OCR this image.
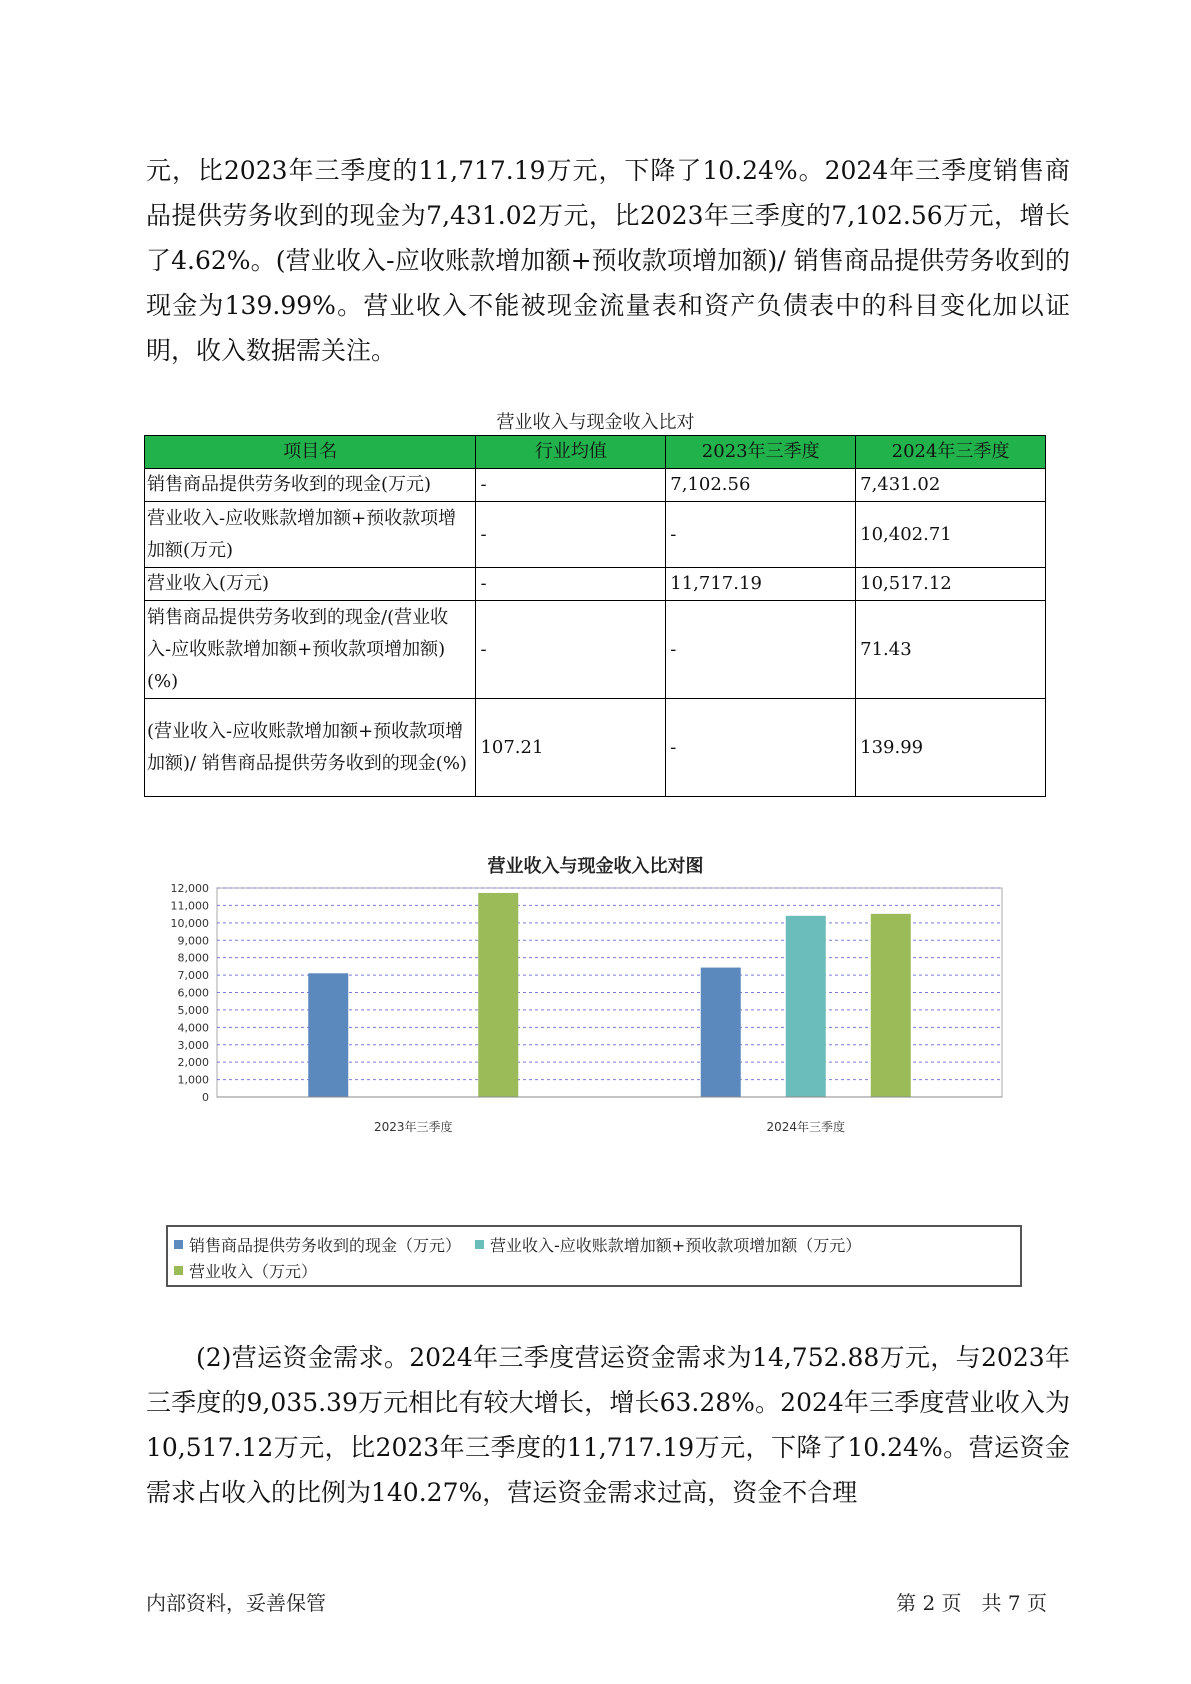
元，比2023年三季度的11,717.19万元，下降了10.24%。2024年三季度销售商品提供劳务收到的现金为7,431.02万元，比2023年三季度的7,102.56万元，增长了4.62%。(营业收入-应收账款增加额+预收款项增加额)/ 销售商品提供劳务收到的现金为139.99%。营业收入不能被现金流量表和资产负债表中的科目变化加以证明，收入数据需关注。

营业收入与现金收入比对
项目名	行业均值	2023年三季度	2024年三季度
销售商品提供劳务收到的现金(万元)	-	7,102.56	7,431.02
营业收入-应收账款增加额+预收款项增加额(万元)	-	-	10,402.71
营业收入(万元)	-	11,717.19	10,517.12
销售商品提供劳务收到的现金/(营业收入-应收账款增加额+预收款项增加额)(%)	-	-	71.43
(营业收入-应收账款增加额+预收款项增加额)/ 销售商品提供劳务收到的现金(%)	107.21	-	139.99
营业收入与现金收入比对图
0
1,000
2,000
3,000
4,000
5,000
6,000
7,000
8,000
9,000
10,000
11,000
12,000
2023年三季度	2024年三季度
销售商品提供劳务收到的现金（万元） 营业收入-应收账款增加额+预收款项增加额（万元）
营业收入（万元）

(2)营运资金需求。2024年三季度营运资金需求为14,752.88万元，与2023年三季度的9,035.39万元相比有较大增长，增长63.28%。2024年三季度营业收入为10,517.12万元，比2023年三季度的11,717.19万元，下降了10.24%。营运资金需求占收入的比例为140.27%，营运资金需求过高，资金不合理

内部资料，妥善保管	第 2 页　共 7 页
